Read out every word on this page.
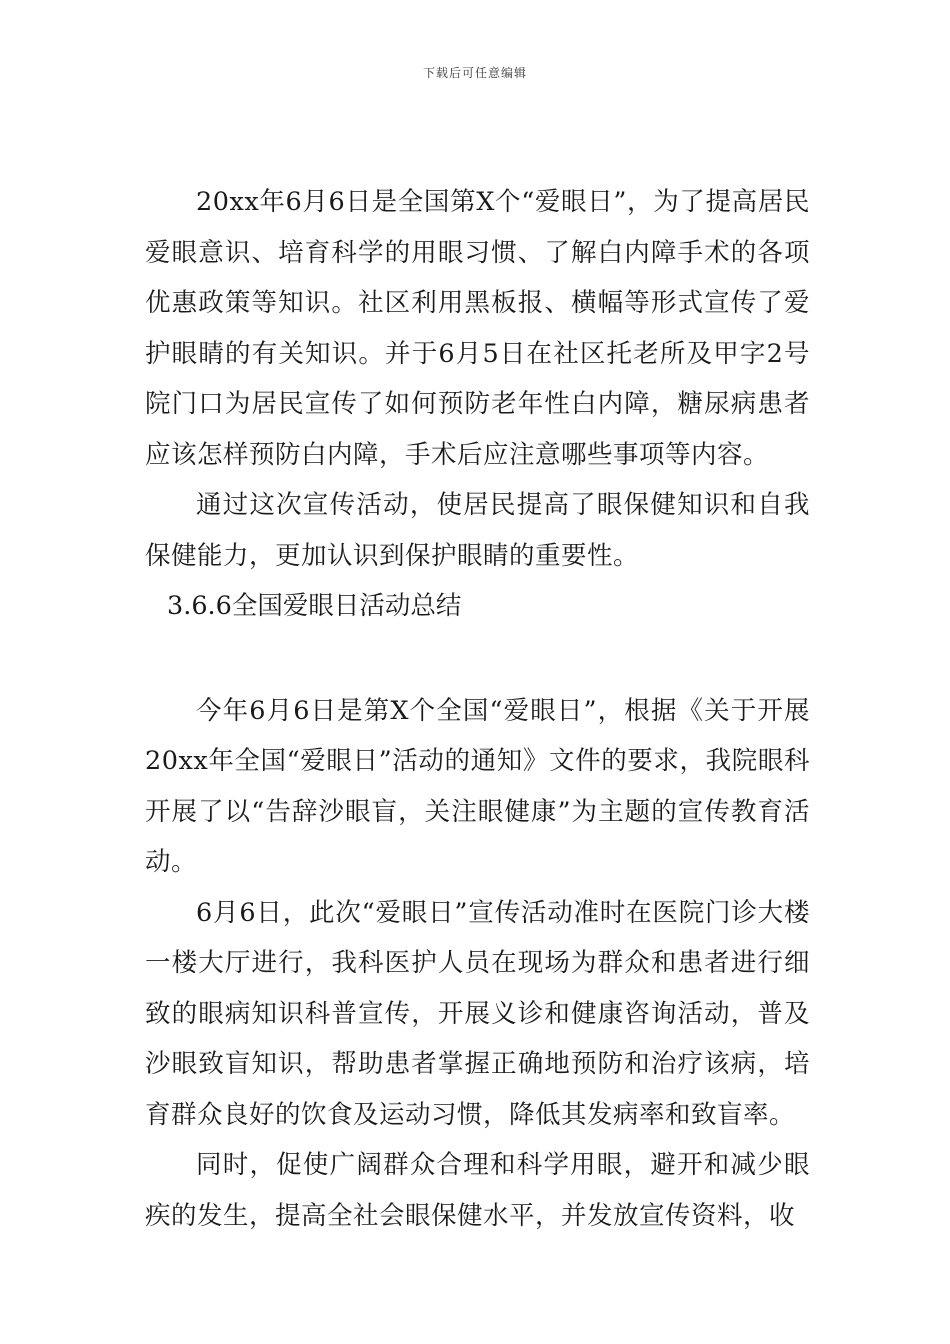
下载后可任意编辑

20xx年6月6日是全国第X个“爱眼日”，为了提高居民爱眼意识、培育科学的用眼习惯、了解白内障手术的各项优惠政策等知识。社区利用黑板报、横幅等形式宣传了爱护眼睛的有关知识。并于6月5日在社区托老所及甲字2号院门口为居民宣传了如何预防老年性白内障，糖尿病患者应该怎样预防白内障，手术后应注意哪些事项等内容。

通过这次宣传活动，使居民提高了眼保健知识和自我保健能力，更加认识到保护眼睛的重要性。

3.6.6全国爱眼日活动总结

今年6月6日是第X个全国“爱眼日”，根据《关于开展20xx年全国“爱眼日”活动的通知》文件的要求，我院眼科开展了以“告辞沙眼盲，关注眼健康”为主题的宣传教育活动。

6月6日，此次“爱眼日”宣传活动准时在医院门诊大楼一楼大厅进行，我科医护人员在现场为群众和患者进行细致的眼病知识科普宣传，开展义诊和健康咨询活动，普及沙眼致盲知识，帮助患者掌握正确地预防和治疗该病，培育群众良好的饮食及运动习惯，降低其发病率和致盲率。

同时，促使广阔群众合理和科学用眼，避开和减少眼疾的发生，提高全社会眼保健水平，并发放宣传资料，收
